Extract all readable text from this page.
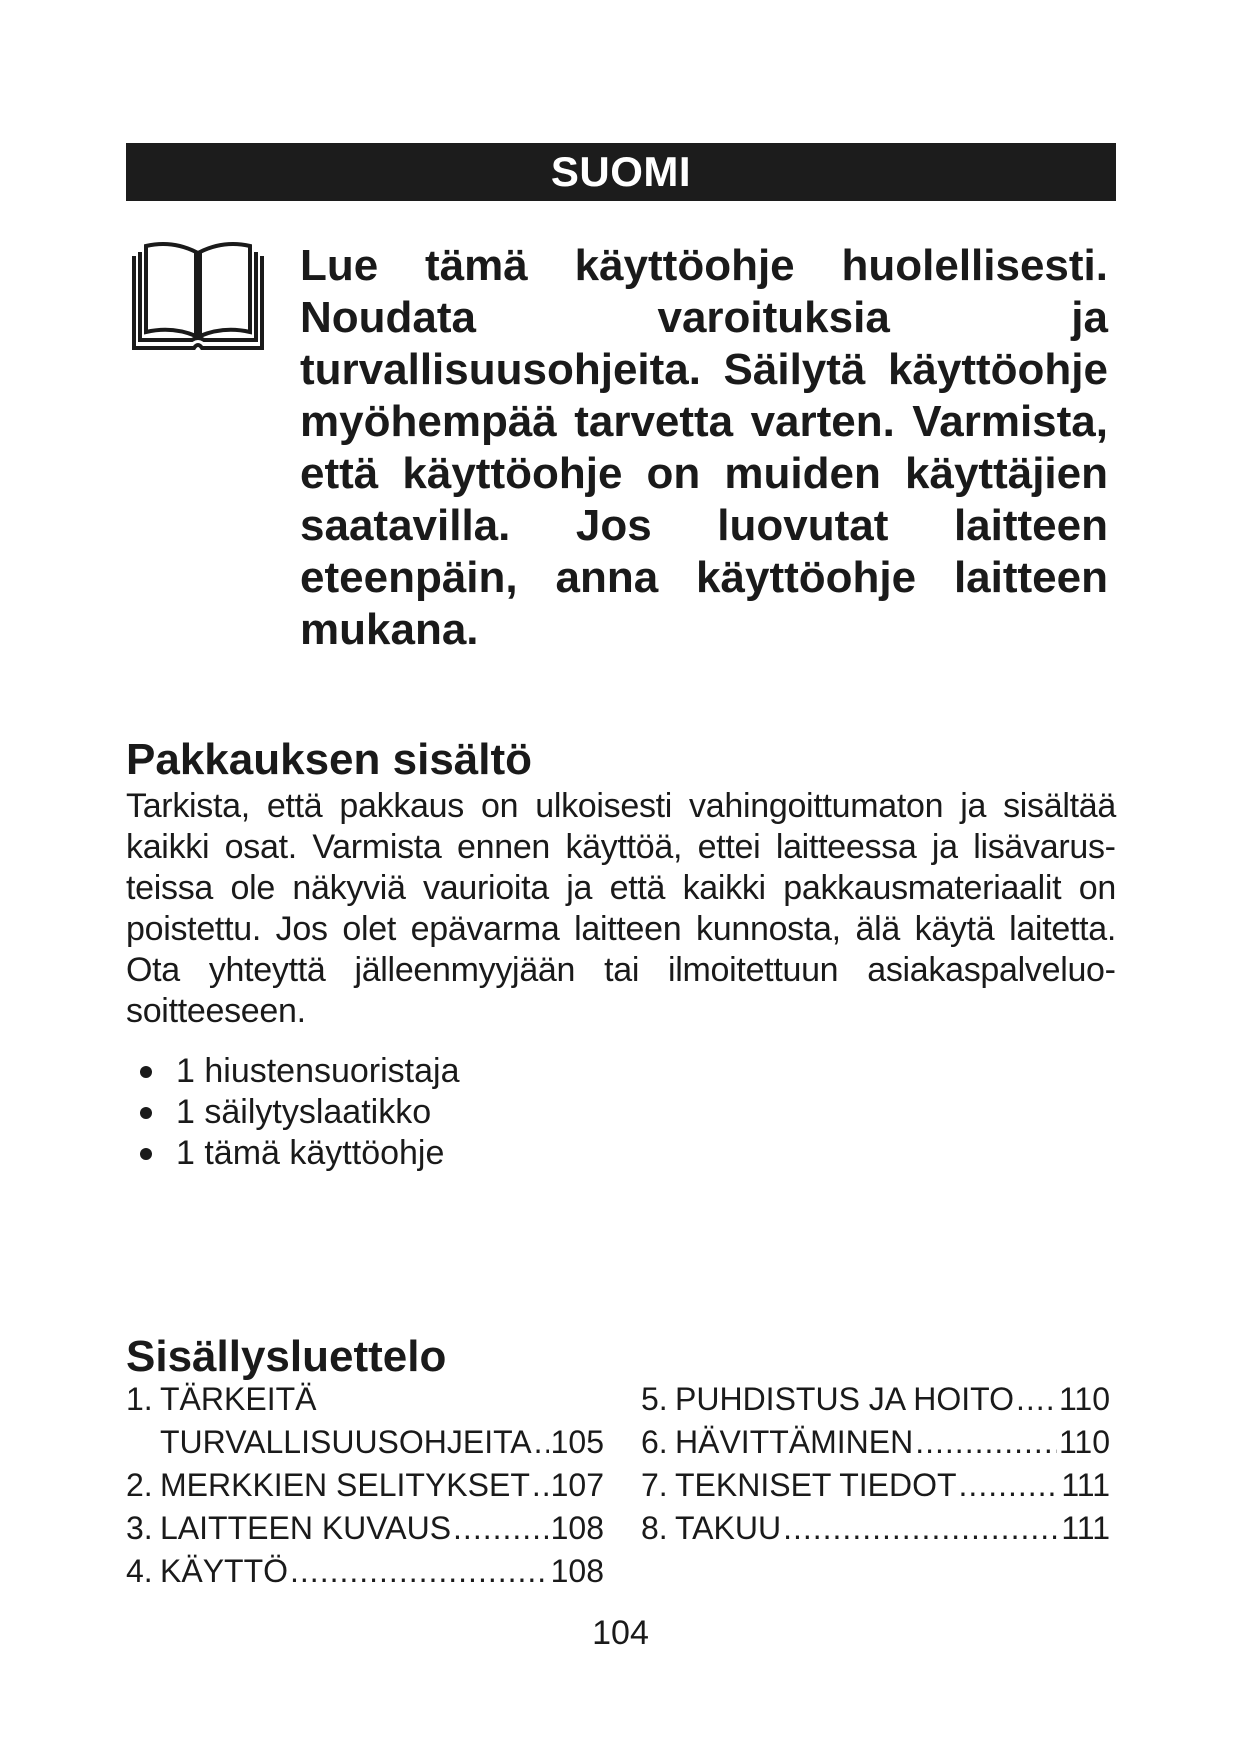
SUOMI

Lue tämä käyttöohje huolellisesti. Noudata varoituksia ja turvallisuusohjeita. Säilytä käyttöohje myöhempää tarvetta varten. Varmista, että käyttöohje on muiden käyttäjien saatavilla. Jos luovutat laitteen eteenpäin, anna käyttöohje laitteen mukana.

Pakkauksen sisältö

Tarkista, että pakkaus on ulkoisesti vahingoittumaton ja sisältää kaikki osat. Varmista ennen käyttöä, ettei laitteessa ja lisävarusteissa ole näkyviä vaurioita ja että kaikki pakkausmateriaalit on poistettu. Jos olet epävarma laitteen kunnosta, älä käytä laitetta. Ota yhteyttä jälleenmyyjään tai ilmoitettuun asiakaspalveluosoitteeseen.

1 hiustensuoristaja
1 säilytyslaatikko
1 tämä käyttöohje
Sisällysluettelo
1. TÄRKEITÄ
TURVALLISUUSOHJEITA ..... 105
2. MERKKIEN SELITYKSET ..... 107
3. LAITTEEN KUVAUS .....	108
4. KÄYTTÖ .....	108
5. PUHDISTUS JA HOITO ..... 110
6. HÄVITTÄMINEN .....	110
7. TEKNISET TIEDOT .....	111
8. TAKUU .....	111
104
